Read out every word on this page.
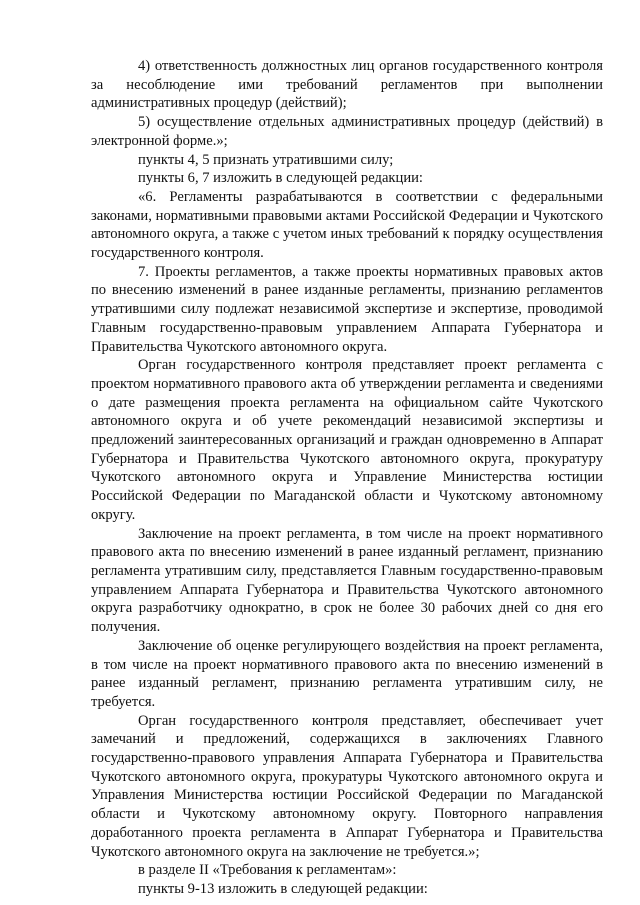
4) ответственность должностных лиц органов государственного контроля за несоблюдение ими требований регламентов при выполнении административных процедур (действий);

5) осуществление отдельных административных процедур (действий) в электронной форме.»;

пункты 4, 5 признать утратившими силу;

пункты 6, 7 изложить в следующей редакции:

«6. Регламенты разрабатываются в соответствии с федеральными законами, нормативными правовыми актами Российской Федерации и Чукотского автономного округа, а также с учетом иных требований к порядку осуществления государственного контроля.

7. Проекты регламентов, а также проекты нормативных правовых актов по внесению изменений в ранее изданные регламенты, признанию регламентов утратившими силу подлежат независимой экспертизе и экспертизе, проводимой Главным государственно-правовым управлением Аппарата Губернатора и Правительства Чукотского автономного округа.

Орган государственного контроля представляет проект регламента с проектом нормативного правового акта об утверждении регламента и сведениями о дате размещения проекта регламента на официальном сайте Чукотского автономного округа и об учете рекомендаций независимой экспертизы и предложений заинтересованных организаций и граждан одновременно в Аппарат Губернатора и Правительства Чукотского автономного округа, прокуратуру Чукотского автономного округа и Управление Министерства юстиции Российской Федерации по Магаданской области и Чукотскому автономному округу.

Заключение на проект регламента, в том числе на проект нормативного правового акта по внесению изменений в ранее изданный регламент, признанию регламента утратившим силу, представляется Главным государственно-правовым управлением Аппарата Губернатора и Правительства Чукотского автономного округа разработчику однократно, в срок не более 30 рабочих дней со дня его получения.

Заключение об оценке регулирующего воздействия на проект регламента, в том числе на проект нормативного правового акта по внесению изменений в ранее изданный регламент, признанию регламента утратившим силу, не требуется.

Орган государственного контроля представляет, обеспечивает учет замечаний и предложений, содержащихся в заключениях Главного государственно-правового управления Аппарата Губернатора и Правительства Чукотского автономного округа, прокуратуры Чукотского автономного округа и Управления Министерства юстиции Российской Федерации по Магаданской области и Чукотскому автономному округу. Повторного направления доработанного проекта регламента в Аппарат Губернатора и Правительства Чукотского автономного округа на заключение не требуется.»;

в разделе II «Требования к регламентам»:

пункты 9-13 изложить в следующей редакции:
